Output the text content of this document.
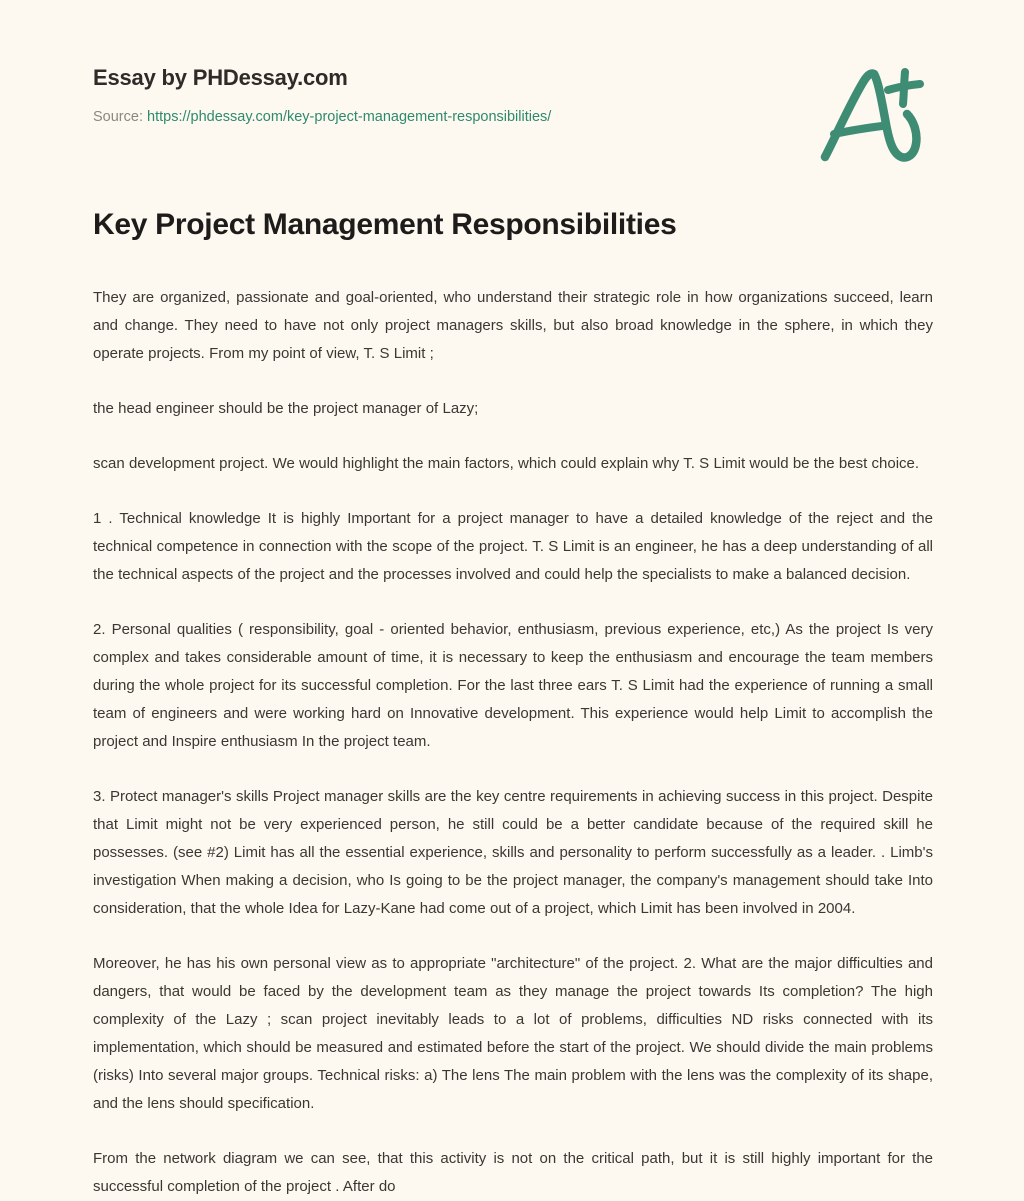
Essay by PHDessay.com
Source: https://phdessay.com/key-project-management-responsibilities/
Key Project Management Responsibilities

They are organized, passionate and goal-oriented, who understand their strategic role in how organizations succeed, learn and change. They need to have not only project managers skills, but also broad knowledge in the sphere, in which they operate projects. From my point of view, T. S Limit ;

the head engineer should be the project manager of Lazy;

scan development project. We would highlight the main factors, which could explain why T. S Limit would be the best choice.

1 . Technical knowledge It is highly Important for a project manager to have a detailed knowledge of the reject and the technical competence in connection with the scope of the project. T. S Limit is an engineer, he has a deep understanding of all the technical aspects of the project and the processes involved and could help the specialists to make a balanced decision.

2. Personal qualities ( responsibility, goal - oriented behavior, enthusiasm, previous experience, etc,) As the project Is very complex and takes considerable amount of time, it is necessary to keep the enthusiasm and encourage the team members during the whole project for its successful completion. For the last three ears T. S Limit had the experience of running a small team of engineers and were working hard on Innovative development. This experience would help Limit to accomplish the project and Inspire enthusiasm In the project team.

3. Protect manager's skills Project manager skills are the key centre requirements in achieving success in this project. Despite that Limit might not be very experienced person, he still could be a better candidate because of the required skill he possesses. (see #2) Limit has all the essential experience, skills and personality to perform successfully as a leader. . Limb's investigation When making a decision, who Is going to be the project manager, the company's management should take Into consideration, that the whole Idea for Lazy-Kane had come out of a project, which Limit has been involved in 2004.

Moreover, he has his own personal view as to appropriate "architecture" of the project. 2. What are the major difficulties and dangers, that would be faced by the development team as they manage the project towards Its completion? The high complexity of the Lazy ; scan project inevitably leads to a lot of problems, difficulties ND risks connected with its implementation, which should be measured and estimated before the start of the project. We should divide the main problems (risks) Into several major groups. Technical risks: a) The lens The main problem with the lens was the complexity of its shape, and the lens should specification.

From the network diagram we can see, that this activity is not on the critical path, but it is still highly important for the successful completion of the project . After do
